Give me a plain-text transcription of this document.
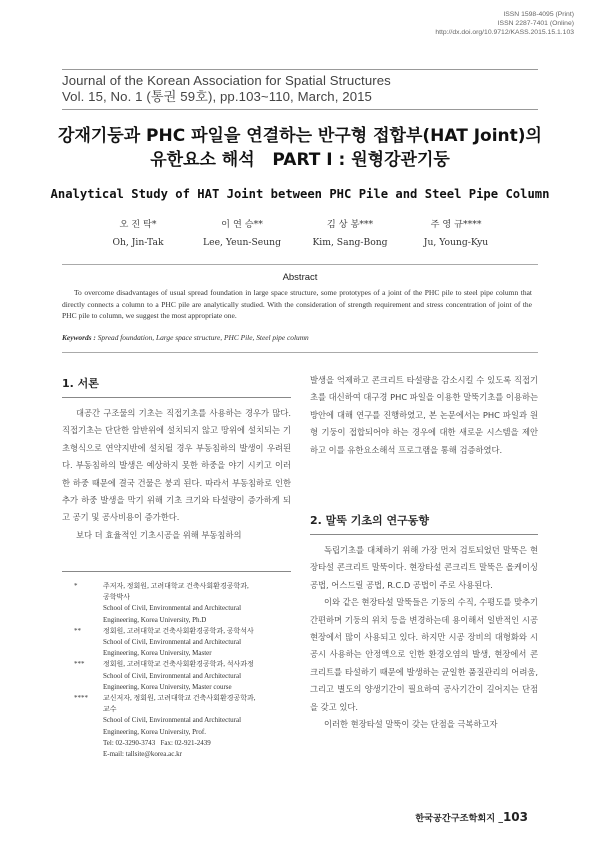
ISSN 1598-4095 (Print)
ISSN 2287-7401 (Online)
http://dx.doi.org/10.9712/KASS.2015.15.1.103
Journal of the Korean Association for Spatial Structures
Vol. 15, No. 1 (통권 59호), pp.103~110, March, 2015
강재기둥과 PHC 파일을 연결하는 반구형 접합부(HAT Joint)의
유한요소 해석   PART Ⅰ : 원형강관기둥
Analytical Study of HAT Joint between PHC Pile and Steel Pipe Column
오 진 탁*
Oh, Jin-Tak
이 연 승**
Lee, Yeun-Seung
김 상 봉***
Kim, Sang-Bong
주 영 규****
Ju, Young-Kyu
Abstract
To overcome disadvantages of usual spread foundation in large space structure, some prototypes of a joint of the PHC pile to steel pipe column that directly connects a column to a PHC pile are analytically studied. With the consideration of strength requirement and stress concentration of joint of the PHC pile to column, we suggest the most appropriate one.
Keywords : Spread foundation, Large space structure, PHC Pile, Steel pipe column
1. 서론

대공간 구조물의 기초는 직접기초를 사용하는 경우가 많다. 직접기초는 단단한 암반위에 설치되지 않고 땅위에 설치되는 기초형식으로 연약지반에 설치될 경우 부동침하의 발생이 우려된다. 부동침하의 발생은 예상하지 못한 하중을 야기 시키고 이러한 하중 때문에 결국 건물은 붕괴 된다. 따라서 부동침하로 인한 추가 하중 발생을 막기 위해 기초 크기와 타설량이 증가하게 되고 공기 및 공사비용이 증가한다.

보다 더 효율적인 기초시공을 위해 부동침하의

*	주저자, 정회원, 고려대학교 건축사회환경공학과,
공학박사
School of Civil, Environmental and Architectural
Engineering, Korea University, Ph.D
**	정회원, 고려대학교 건축사회환경공학과, 공학석사
School of Civil, Environmental and Architectural
Engineering, Korea University, Master
***	정회원, 고려대학교 건축사회환경공학과, 석사과정
School of Civil, Environmental and Architectural
Engineering, Korea University, Master course
**** 교신저자, 정회원, 고려대학교 건축사회환경공학과,
교수
School of Civil, Environmental and Architectural
Engineering, Korea University, Prof.
Tel: 02-3290-3743   Fax: 02-921-2439
E-mail: tallsite@korea.ac.kr

발생을 억제하고 콘크리트 타설량을 감소시킬 수 있도록 직접기초를 대신하여 대구경 PHC 파일을 이용한 말뚝기초를 이용하는 방안에 대해 연구를 진행하였고, 본 논문에서는 PHC 파일과 원형 기둥이 접합되어야 하는 경우에 대한 새로운 시스템을 제안하고 이를 유한요소해석 프로그램을 통해 검증하였다.

2. 말뚝 기초의 연구동향

독립기초를 대체하기 위해 가장 먼저 검토되었던 말뚝은 현장타설 콘크리트 말뚝이다. 현장타설 콘크리트 말뚝은 올케이싱 공법, 어스드릴 공법, R.C.D 공법이 주로 사용된다.

이와 같은 현장타설 말뚝들은 기둥의 수직, 수평도를 맞추기 간편하며 기둥의 위치 등을 변경하는데 용이해서 일반적인 시공현장에서 많이 사용되고 있다. 하지만 시공 장비의 대형화와 시공시 사용하는 안정액으로 인한 환경오염의 발생, 현장에서 콘크리트를 타설하기 때문에 발생하는 균일한 품질관리의 어려움, 그리고 별도의 양생기간이 필요하여 공사기간이 길어지는 단점을 갖고 있다.

이러한 현장타설 말뚝이 갖는 단점을 극복하고자

한국공간구조학회지 _103
